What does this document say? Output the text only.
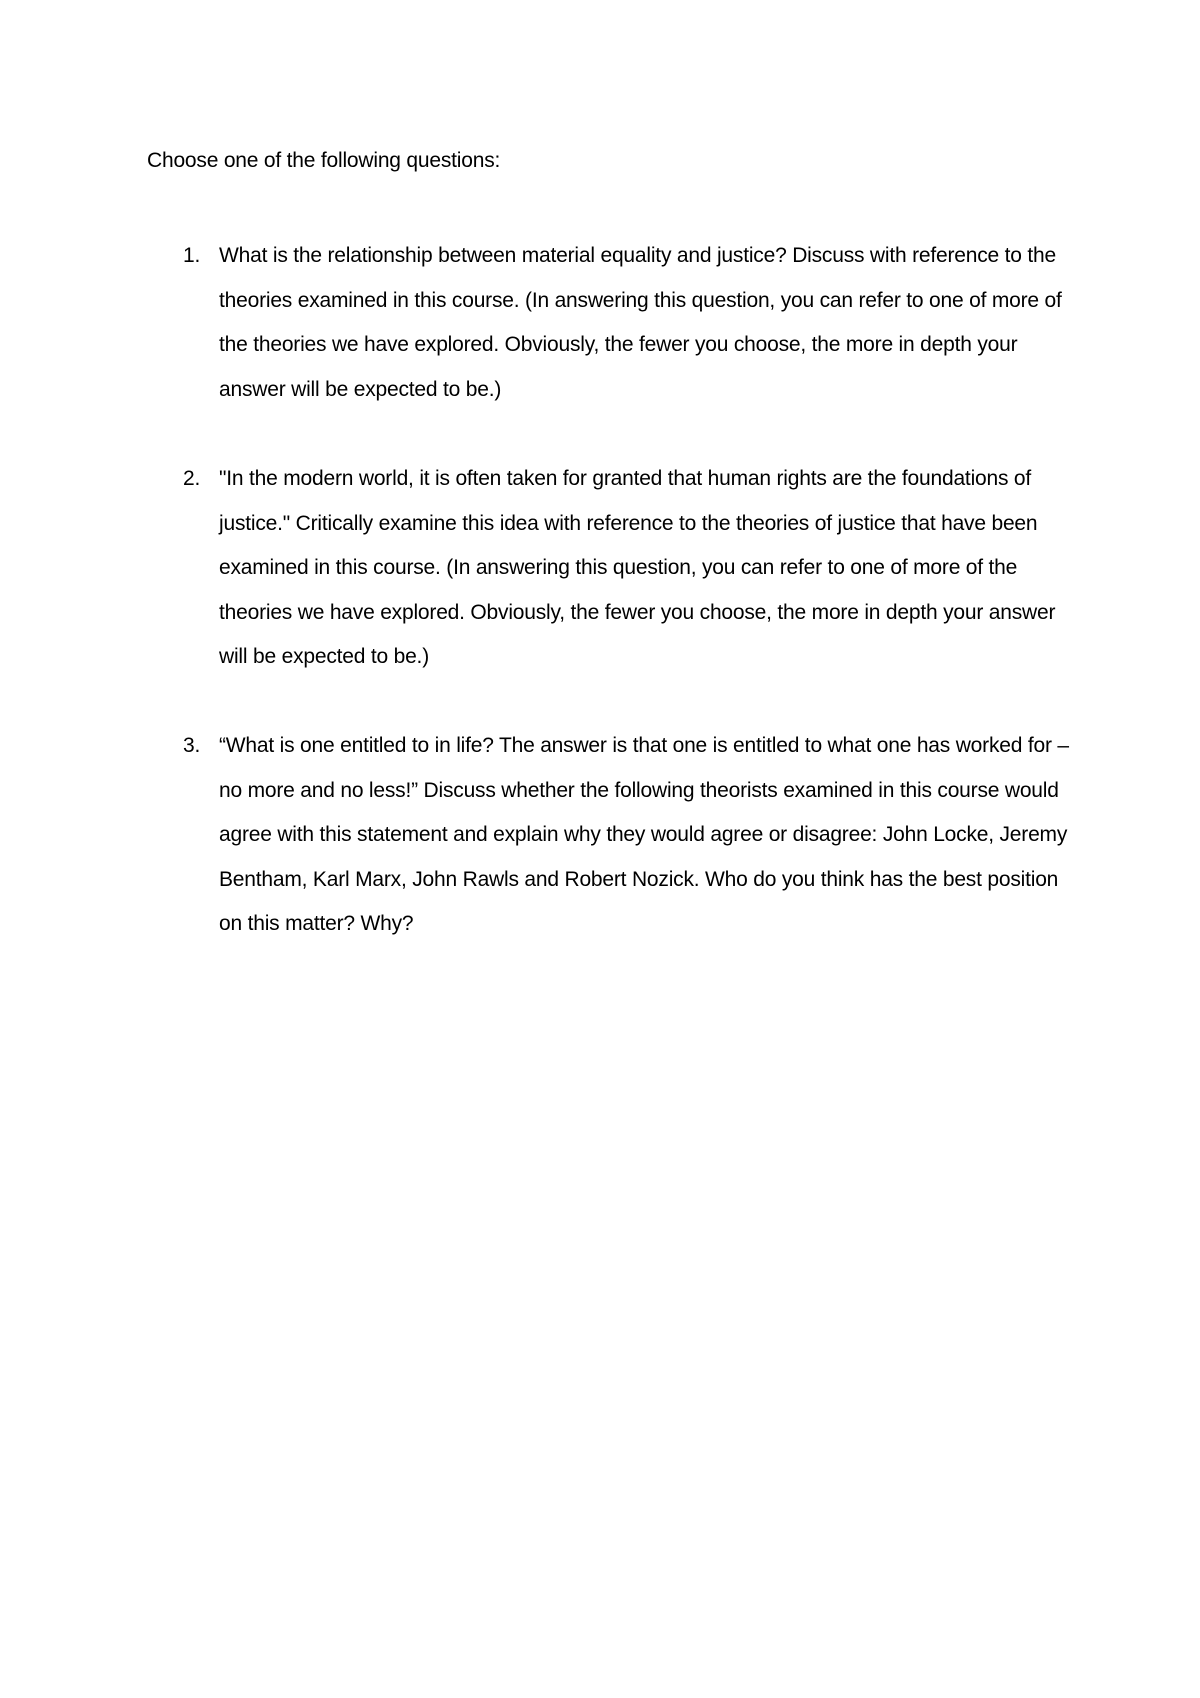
Choose one of the following questions:
1. What is the relationship between material equality and justice? Discuss with reference to the theories examined in this course. (In answering this question, you can refer to one of more of the theories we have explored. Obviously, the fewer you choose, the more in depth your answer will be expected to be.)
2. "In the modern world, it is often taken for granted that human rights are the foundations of justice." Critically examine this idea with reference to the theories of justice that have been examined in this course. (In answering this question, you can refer to one of more of the theories we have explored. Obviously, the fewer you choose, the more in depth your answer will be expected to be.)
3. “What is one entitled to in life? The answer is that one is entitled to what one has worked for – no more and no less!” Discuss whether the following theorists examined in this course would agree with this statement and explain why they would agree or disagree: John Locke, Jeremy Bentham, Karl Marx, John Rawls and Robert Nozick. Who do you think has the best position on this matter? Why?
